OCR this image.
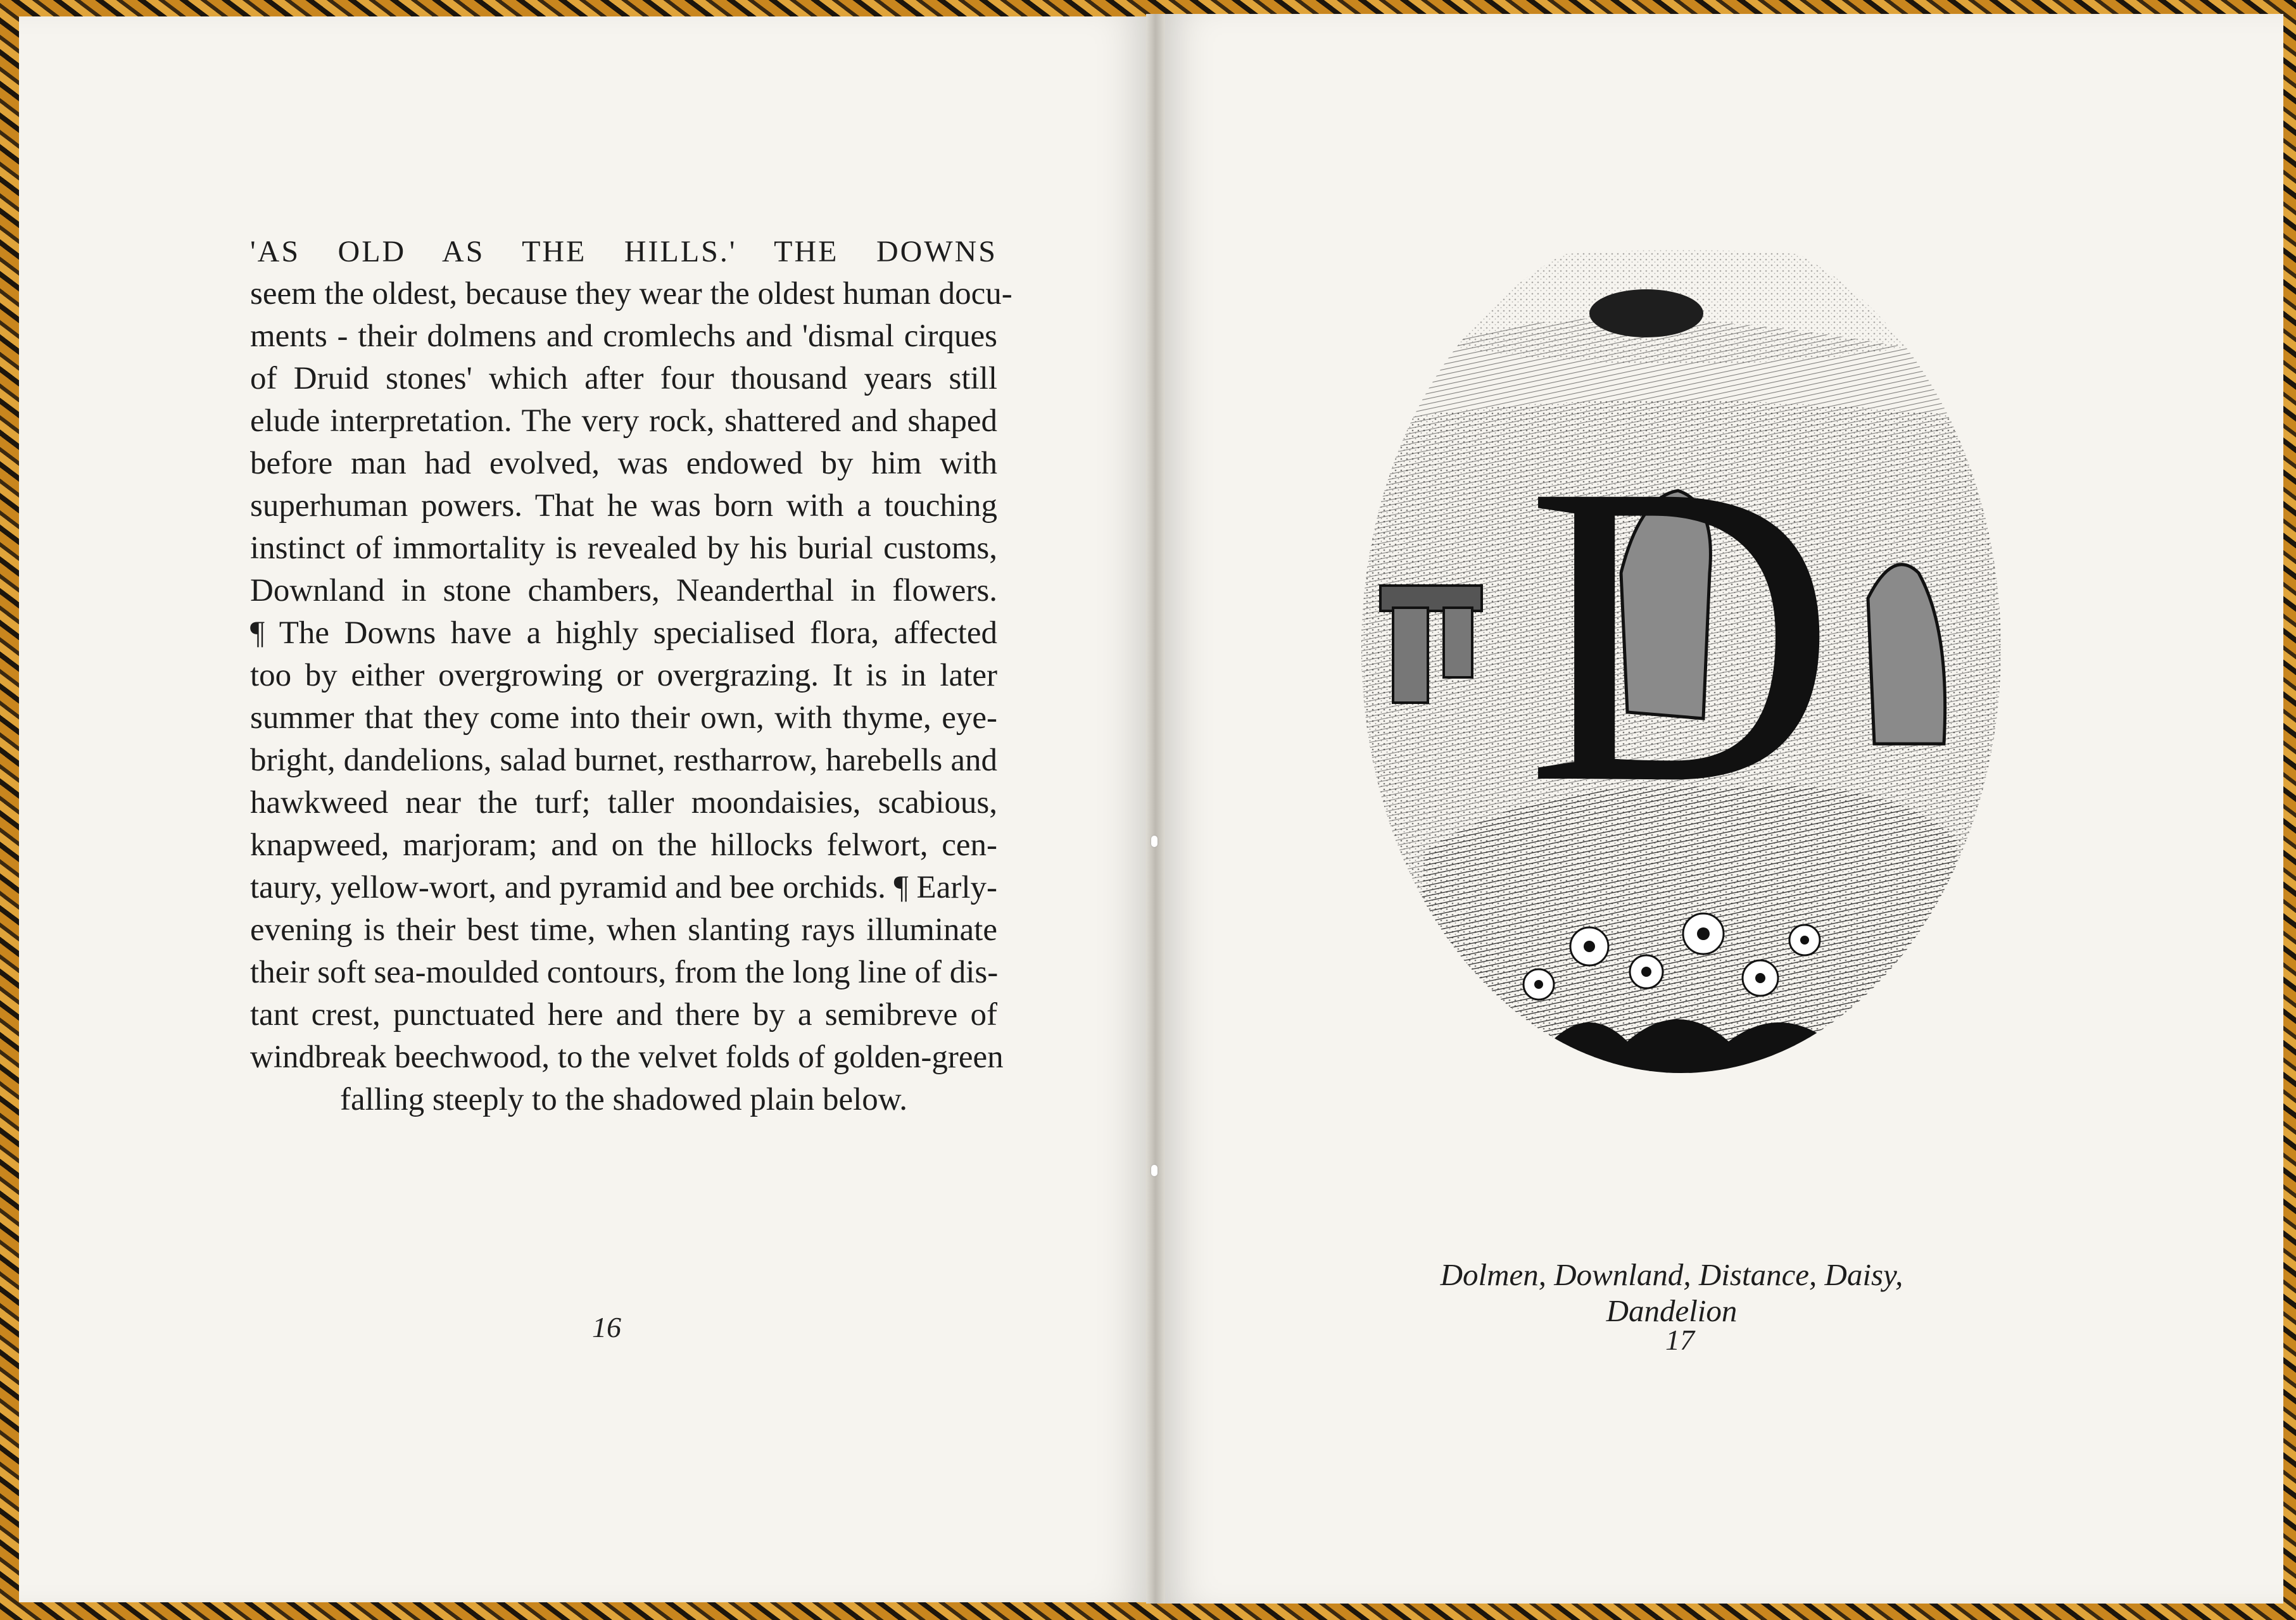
'AS OLD AS THE HILLS.' THE DOWNS

seem the oldest, because they wear the oldest human docu-

ments - their dolmens and cromlechs and 'dismal cirques

of Druid stones' which after four thousand years still

elude interpretation. The very rock, shattered and shaped

before man had evolved, was endowed by him with

superhuman powers. That he was born with a touching

instinct of immortality is revealed by his burial customs,

Downland in stone chambers, Neanderthal in flowers.

¶ The Downs have a highly specialised flora, affected

too by either overgrowing or overgrazing. It is in later

summer that they come into their own, with thyme, eye-

bright, dandelions, salad burnet, restharrow, harebells and

hawkweed near the turf; taller moondaisies, scabious,

knapweed, marjoram; and on the hillocks felwort, cen-

taury, yellow-wort, and pyramid and bee orchids. ¶ Early-

evening is their best time, when slanting rays illuminate

their soft sea-moulded contours, from the long line of dis-

tant crest, punctuated here and there by a semibreve of

windbreak beechwood, to the velvet folds of golden-green

falling steeply to the shadowed plain below.

16
D
Dolmen, Downland, Distance, Daisy, Dandelion
17
